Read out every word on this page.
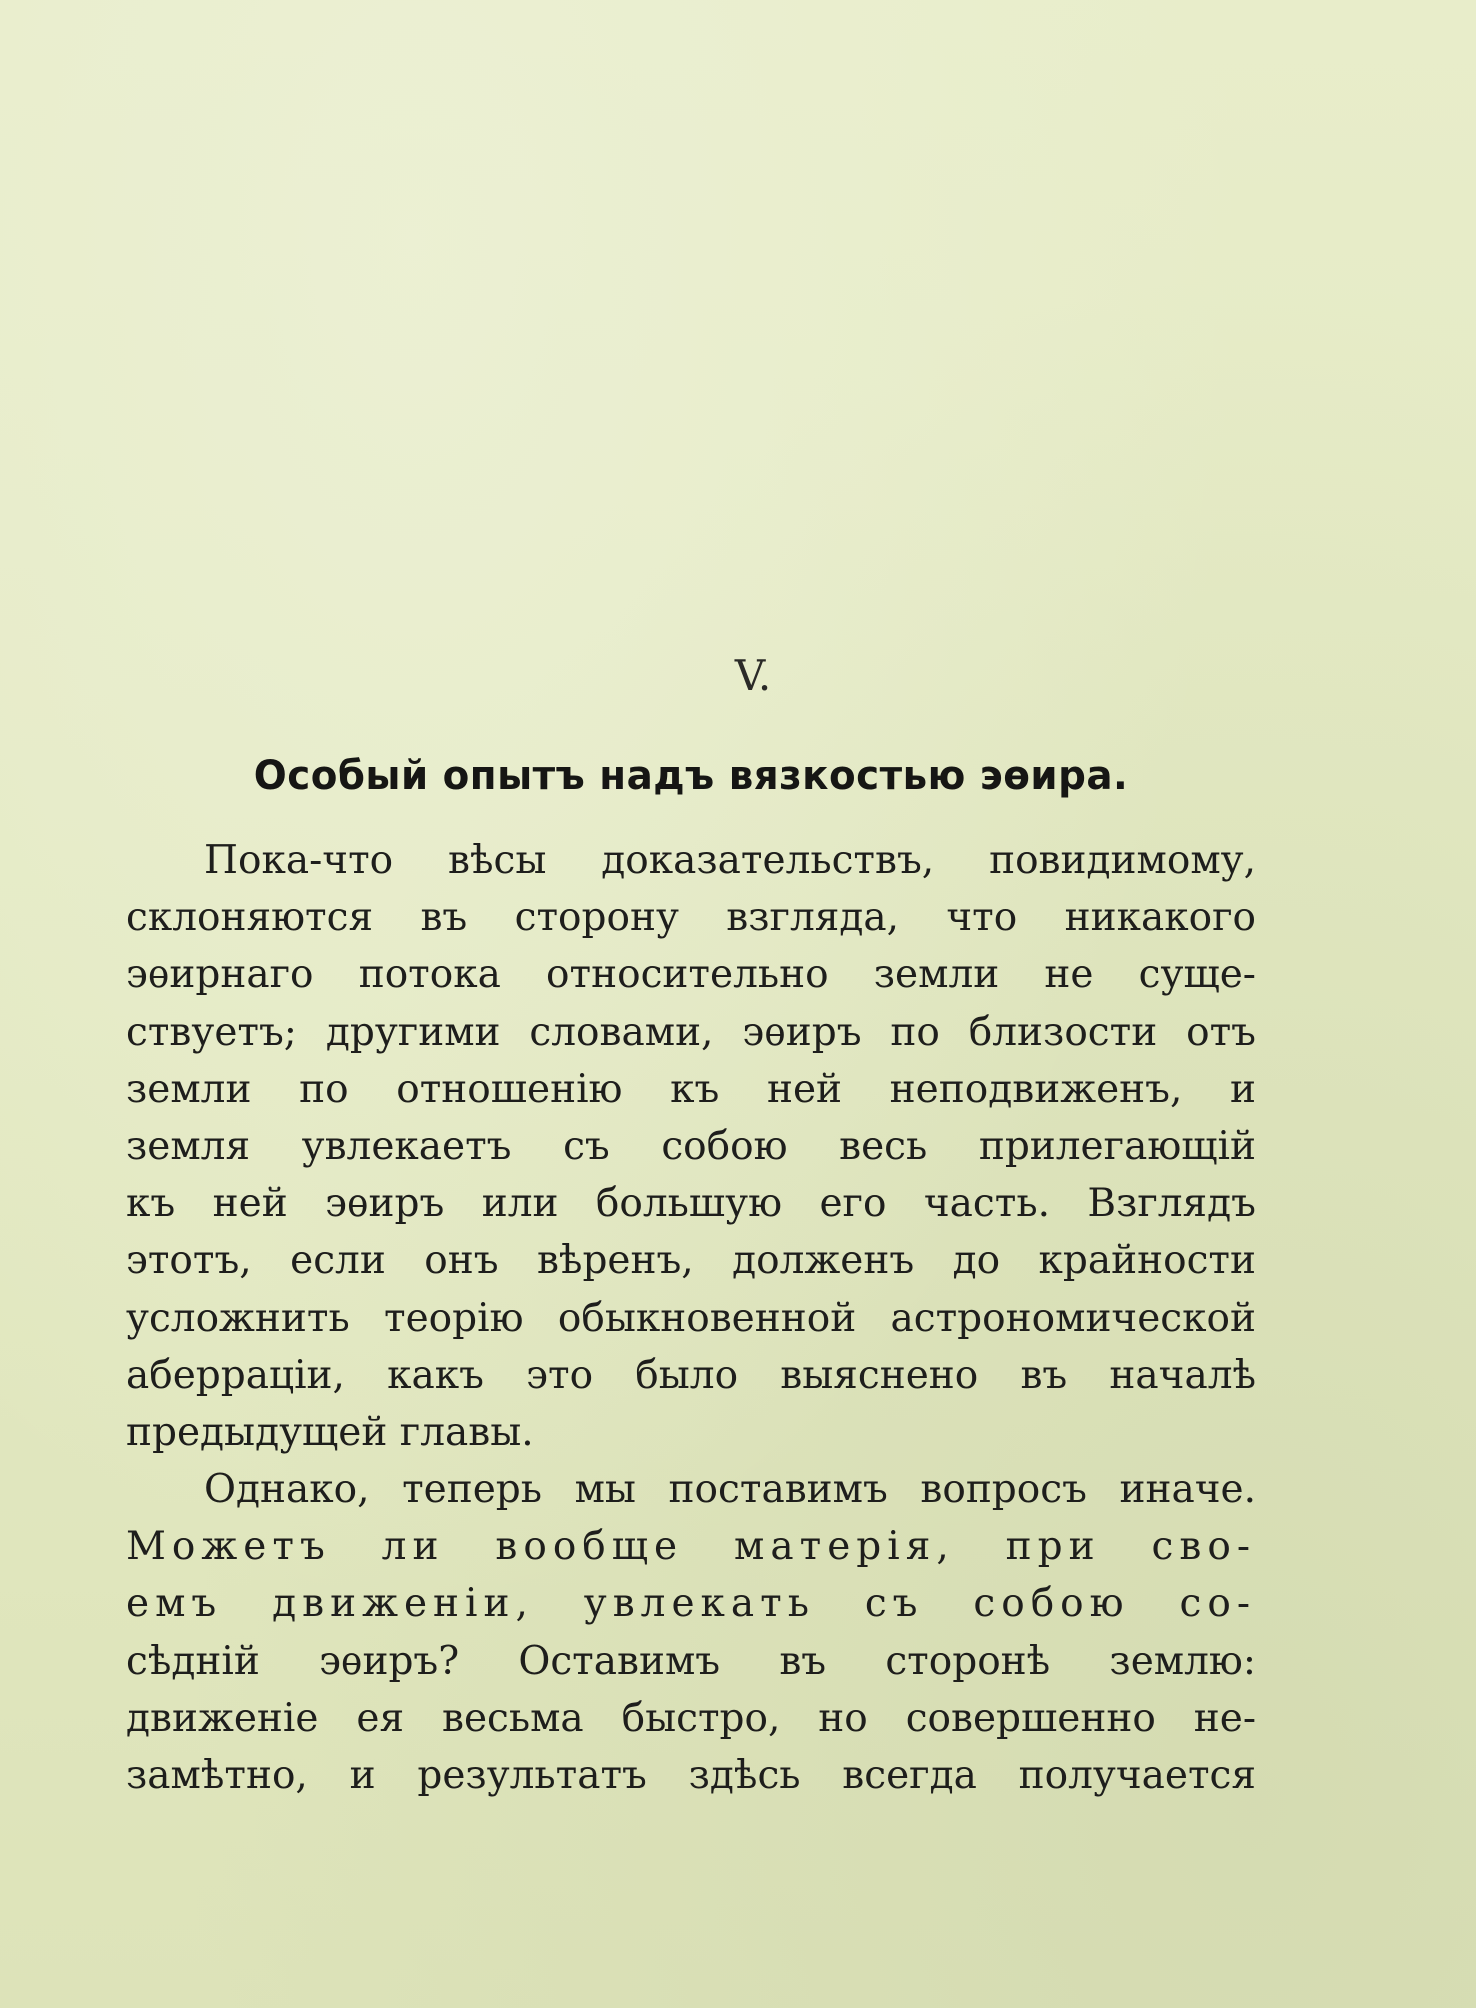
V.
Особый опытъ надъ вязкостью эѳира.
Пока-что вѣсы доказательствъ, повидимому,
склоняются въ сторону взгляда, что никакого
эѳирнаго потока относительно земли не суще-
ствуетъ; другими словами, эѳиръ по близости отъ
земли по отношенію къ ней неподвиженъ, и
земля увлекаетъ съ собою весь прилегающій
къ ней эѳиръ или большую его часть. Взглядъ
этотъ, если онъ вѣренъ, долженъ до крайности
усложнить теорію обыкновенной астрономической
аберраціи, какъ это было выяснено въ началѣ
предыдущей главы.
Однако, теперь мы поставимъ вопросъ иначе.
Можетъ ли вообще матерія, при сво-
емъ движеніи, увлекать съ собою со-
сѣдній эѳиръ? Оставимъ въ сторонѣ землю:
движеніе ея весьма быстро, но совершенно не-
замѣтно, и результатъ здѣсь всегда получается
